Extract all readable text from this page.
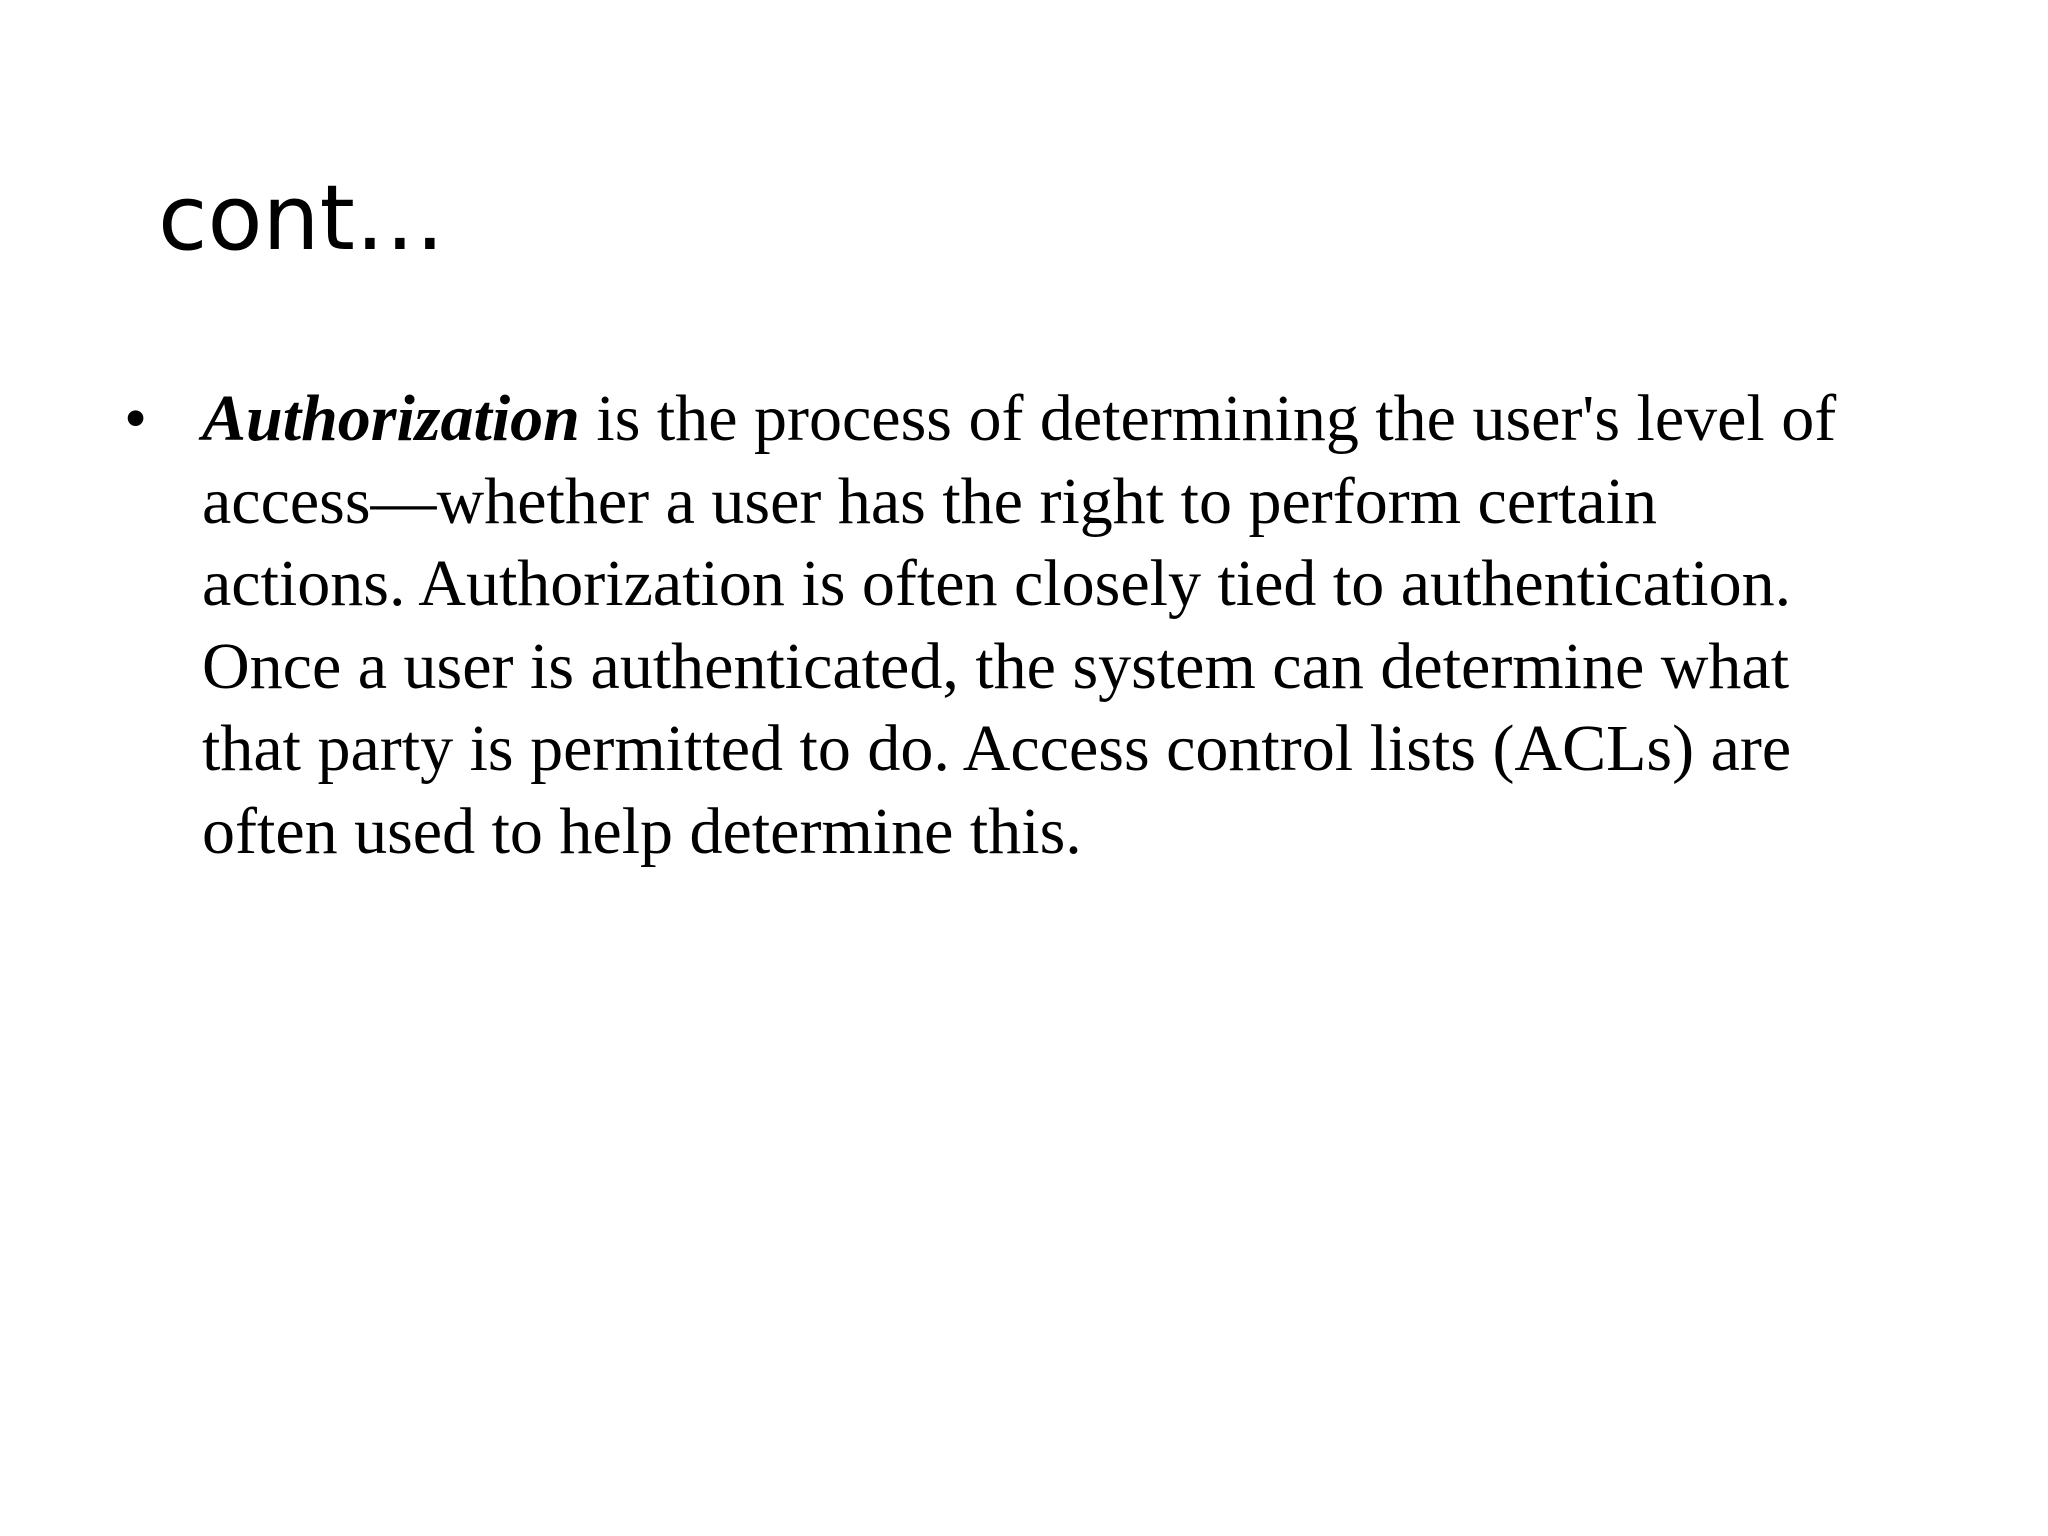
cont…
• Authorization is the process of determining the user's level of
access—whether a user has the right to perform certain
actions. Authorization is often closely tied to authentication.
Once a user is authenticated, the system can determine what
that party is permitted to do. Access control lists (ACLs) are
often used to help determine this.
